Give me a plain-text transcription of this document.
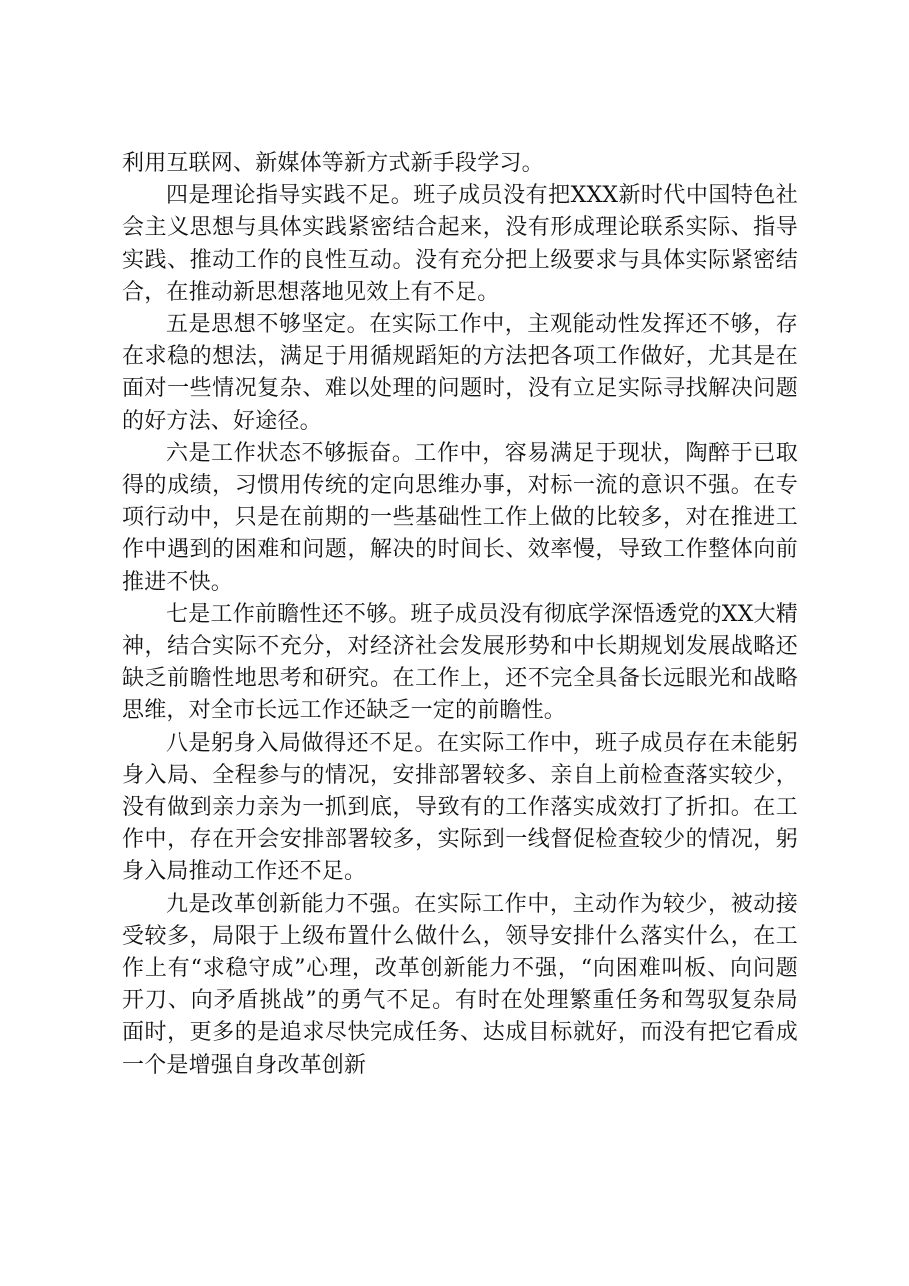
利用互联网、新媒体等新方式新手段学习。

四是理论指导实践不足。班子成员没有把XXX新时代中国特色社会主义思想与具体实践紧密结合起来，没有形成理论联系实际、指导实践、推动工作的良性互动。没有充分把上级要求与具体实际紧密结合，在推动新思想落地见效上有不足。

五是思想不够坚定。在实际工作中，主观能动性发挥还不够，存在求稳的想法，满足于用循规蹈矩的方法把各项工作做好，尤其是在面对一些情况复杂、难以处理的问题时，没有立足实际寻找解决问题的好方法、好途径。

六是工作状态不够振奋。工作中，容易满足于现状，陶醉于已取得的成绩，习惯用传统的定向思维办事，对标一流的意识不强。在专项行动中，只是在前期的一些基础性工作上做的比较多，对在推进工作中遇到的困难和问题，解决的时间长、效率慢，导致工作整体向前推进不快。

七是工作前瞻性还不够。班子成员没有彻底学深悟透党的XX大精神，结合实际不充分，对经济社会发展形势和中长期规划发展战略还缺乏前瞻性地思考和研究。在工作上，还不完全具备长远眼光和战略思维，对全市长远工作还缺乏一定的前瞻性。

八是躬身入局做得还不足。在实际工作中，班子成员存在未能躬身入局、全程参与的情况，安排部署较多、亲自上前检查落实较少，没有做到亲力亲为一抓到底，导致有的工作落实成效打了折扣。在工作中，存在开会安排部署较多，实际到一线督促检查较少的情况，躬身入局推动工作还不足。

九是改革创新能力不强。在实际工作中，主动作为较少，被动接受较多，局限于上级布置什么做什么，领导安排什么落实什么，在工作上有“求稳守成”心理，改革创新能力不强，“向困难叫板、向问题开刀、向矛盾挑战”的勇气不足。有时在处理繁重任务和驾驭复杂局面时，更多的是追求尽快完成任务、达成目标就好，而没有把它看成一个是增强自身改革创新
